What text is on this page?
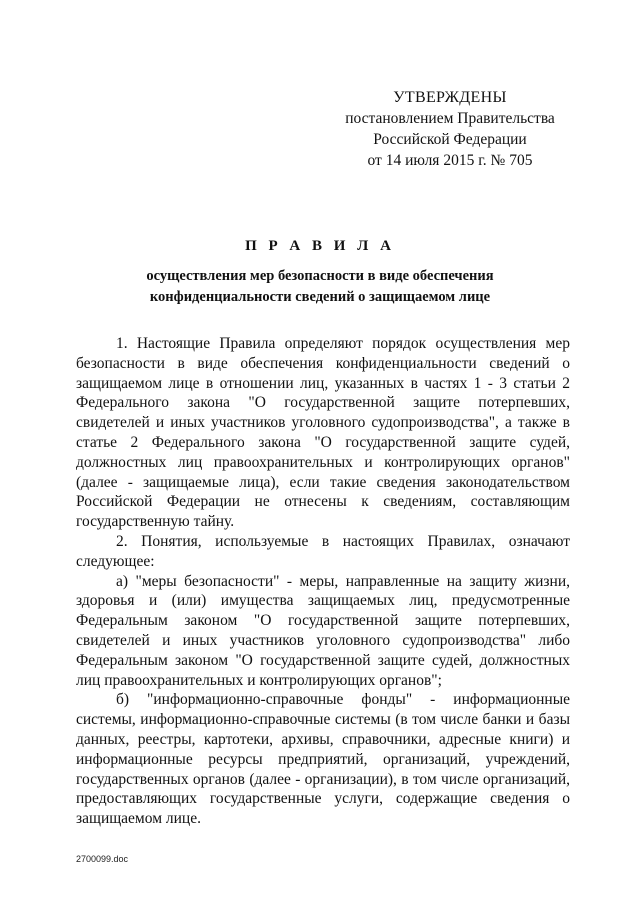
УТВЕРЖДЕНЫ
постановлением Правительства
Российской Федерации
от 14 июля 2015 г. № 705
П Р А В И Л А
осуществления мер безопасности в виде обеспечения
конфиденциальности сведений о защищаемом лице

1. Настоящие Правила определяют порядок осуществления мер безопасности в виде обеспечения конфиденциальности сведений о защищаемом лице в отношении лиц, указанных в частях 1 - 3 статьи 2 Федерального закона "О государственной защите потерпевших, свидетелей и иных участников уголовного судопроизводства", а также в статье 2 Федерального закона "О государственной защите судей, должностных лиц правоохранительных и контролирующих органов" (далее - защищаемые лица), если такие сведения законодательством Российской Федерации не отнесены к сведениям, составляющим государственную тайну.

2. Понятия, используемые в настоящих Правилах, означают следующее:

а) "меры безопасности" - меры, направленные на защиту жизни, здоровья и (или) имущества защищаемых лиц, предусмотренные Федеральным законом "О государственной защите потерпевших, свидетелей и иных участников уголовного судопроизводства" либо Федеральным законом "О государственной защите судей, должностных лиц правоохранительных и контролирующих органов";

б) "информационно-справочные фонды" - информационные системы, информационно-справочные системы (в том числе банки и базы данных, реестры, картотеки, архивы, справочники, адресные книги) и информационные ресурсы предприятий, организаций, учреждений, государственных органов (далее - организации), в том числе организаций, предоставляющих государственные услуги, содержащие сведения о защищаемом лице.

2700099.doc
